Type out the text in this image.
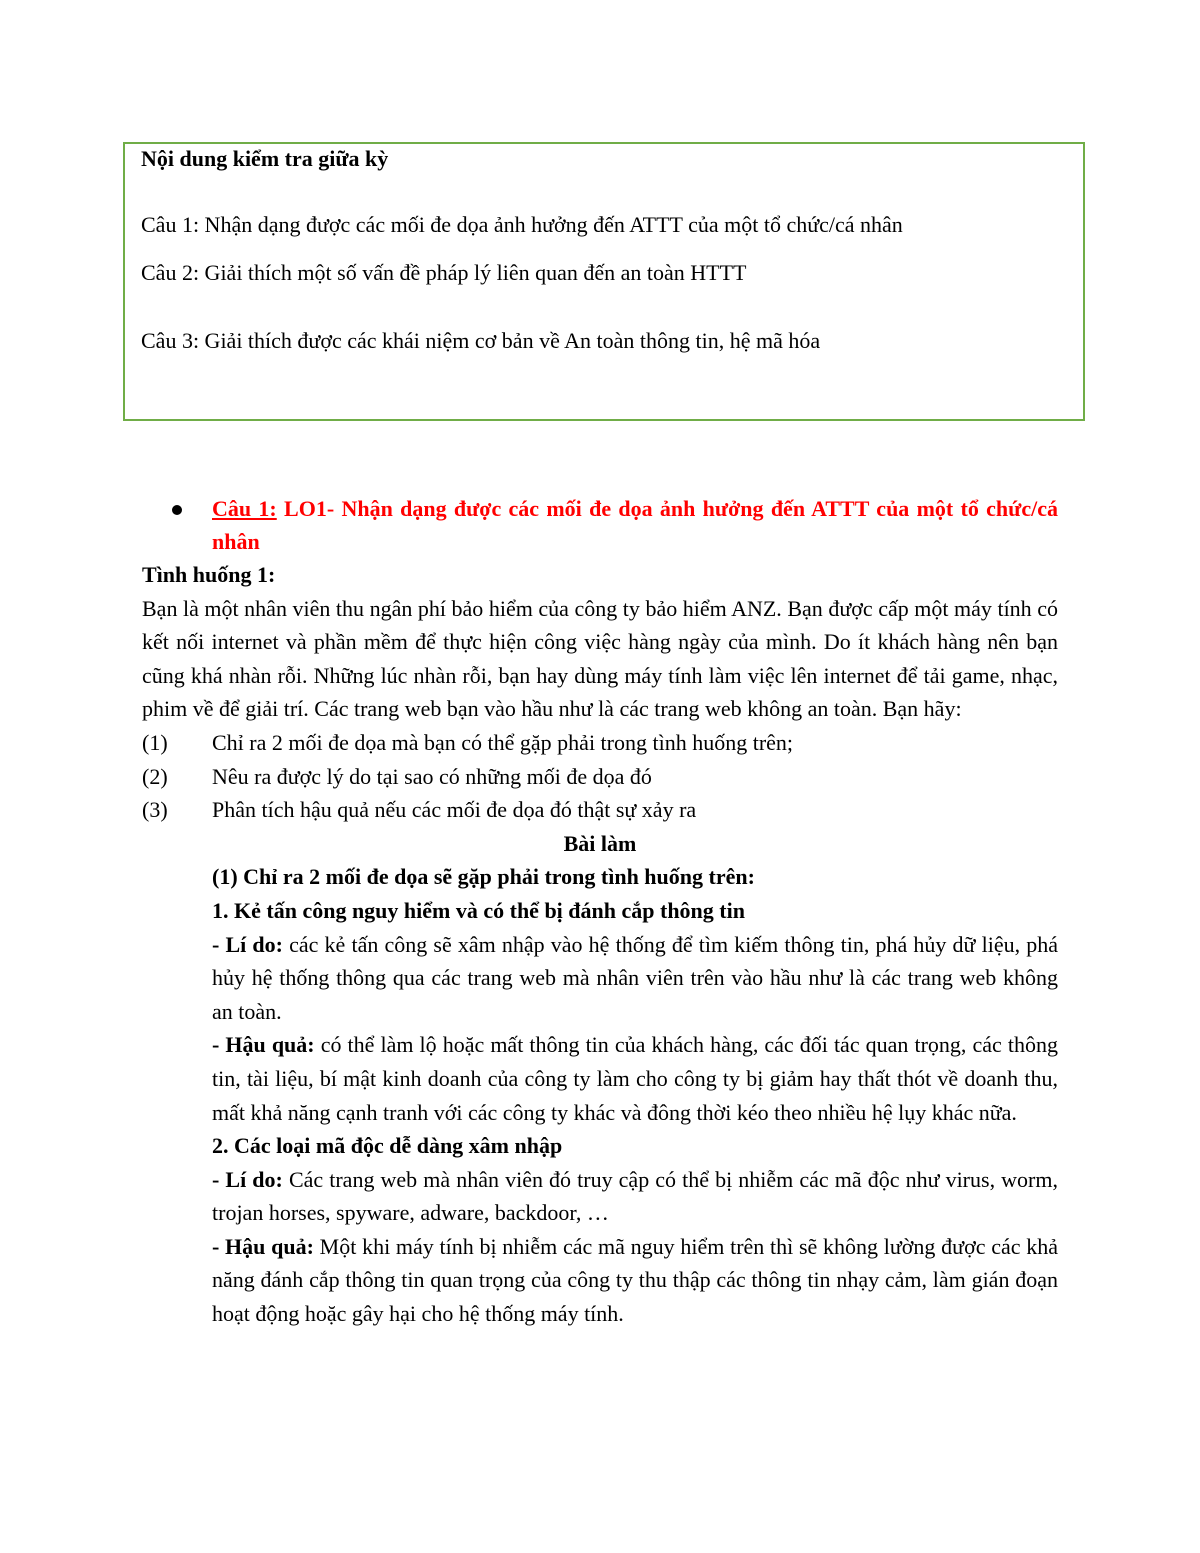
Nội dung kiểm tra giữa kỳ
Câu 1: Nhận dạng được các mối đe dọa ảnh hưởng đến ATTT của một tổ chức/cá nhân
Câu 2: Giải thích một số vấn đề pháp lý liên quan đến an toàn HTTT
Câu 3: Giải thích được các khái niệm cơ bản về An toàn thông tin, hệ mã hóa
Câu 1: LO1- Nhận dạng được các mối đe dọa ảnh hưởng đến ATTT của một tổ chức/cá nhân

Tình huống 1:

Bạn là một nhân viên thu ngân phí bảo hiểm của công ty bảo hiểm ANZ. Bạn được cấp một máy tính có kết nối internet và phần mềm để thực hiện công việc hàng ngày của mình. Do ít khách hàng nên bạn cũng khá nhàn rỗi. Những lúc nhàn rỗi, bạn hay dùng máy tính làm việc lên internet để tải game, nhạc, phim về để giải trí. Các trang web bạn vào hầu như là các trang web không an toàn. Bạn hãy:

(1)	Chỉ ra 2 mối đe dọa mà bạn có thể gặp phải trong tình huống trên;
(2)	Nêu ra được lý do tại sao có những mối đe dọa đó
(3)	Phân tích hậu quả nếu các mối đe dọa đó thật sự xảy ra

Bài làm

(1) Chỉ ra 2 mối đe dọa sẽ gặp phải trong tình huống trên:

1. Kẻ tấn công nguy hiểm và có thể bị đánh cắp thông tin

- Lí do: các kẻ tấn công sẽ xâm nhập vào hệ thống để tìm kiếm thông tin, phá hủy dữ liệu, phá hủy hệ thống thông qua các trang web mà nhân viên trên vào hầu như là các trang web không an toàn.

- Hậu quả: có thể làm lộ hoặc mất thông tin của khách hàng, các đối tác quan trọng, các thông tin, tài liệu, bí mật kinh doanh của công ty làm cho công ty bị giảm hay thất thót về doanh thu, mất khả năng cạnh tranh với các công ty khác và đông thời kéo theo nhiều hệ lụy khác nữa.

2. Các loại mã độc dễ dàng xâm nhập

- Lí do: Các trang web mà nhân viên đó truy cập có thể bị nhiễm các mã độc như virus, worm, trojan horses, spyware, adware, backdoor, …

- Hậu quả: Một khi máy tính bị nhiễm các mã nguy hiểm trên thì sẽ không lường được các khả năng đánh cắp thông tin quan trọng của công ty thu thập các thông tin nhạy cảm, làm gián đoạn hoạt động hoặc gây hại cho hệ thống máy tính.
